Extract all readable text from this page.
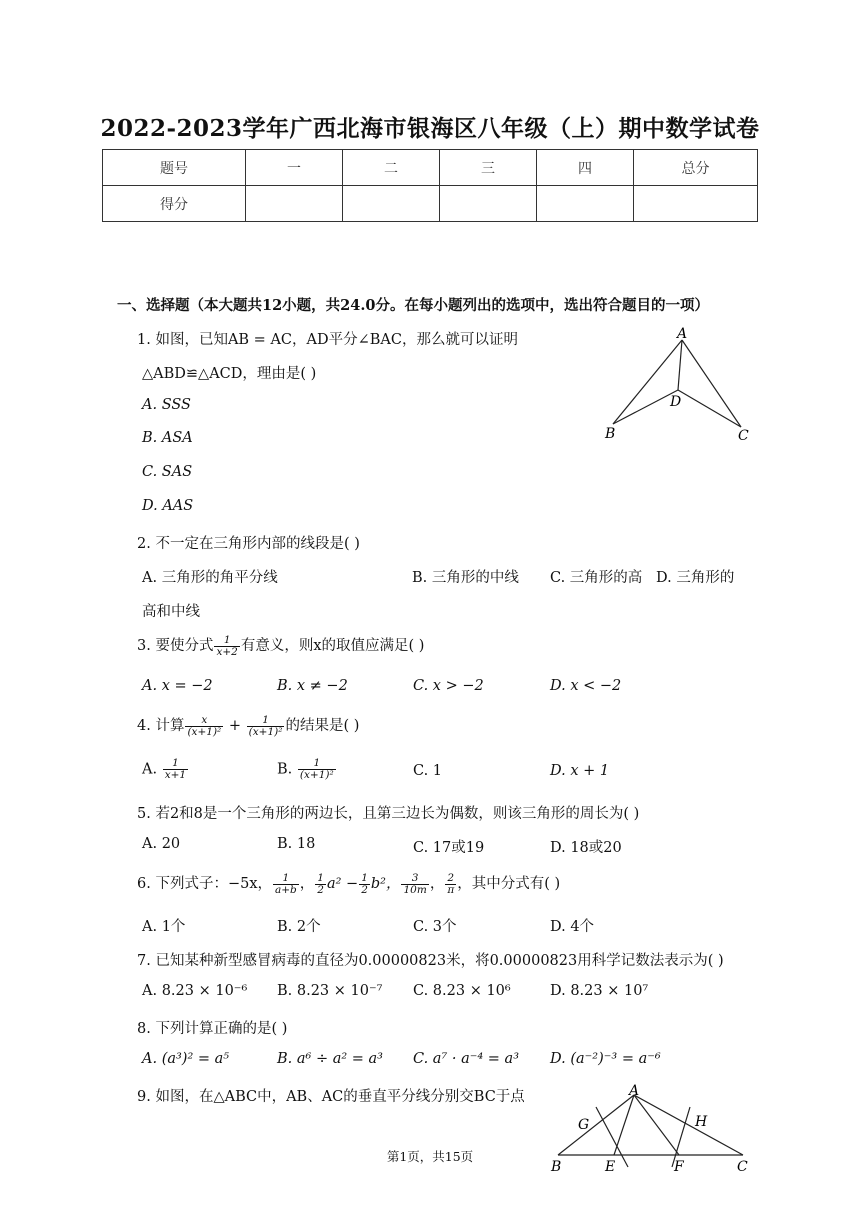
2022-2023学年广西北海市银海区八年级（上）期中数学试卷
题号	一	二	三	四	总分
得分					
一、选择题（本大题共12小题，共24.0分。在每小题列出的选项中，选出符合题目的一项）
1. 如图，已知AB = AC，AD平分∠BAC，那么就可以证明
△ABD≌△ACD，理由是( )
A. SSS
B. ASA
C. SAS
D. AAS
A
D
B	C
2. 不一定在三角形内部的线段是( )
A. 三角形的角平分线	B. 三角形的中线 C. 三角形的高 D. 三角形的
高和中线
3. 要使分式 $\frac{1}{x+2}$ 有意义，则x的取值应满足( )
A. x = −2	B. x ≠ −2	C. x > −2	D. x < −2
4. 计算 $\frac{x}{\text{(x+1)²}} + \frac{1}{\text{(x+1)²}}$ 的结果是( )
A. $\frac{1}{x+1}$	B. $\frac{1}{\text{(x+1)²}}$	C. 1	D. x + 1
5. 若2和8是一个三角形的两边长，且第三边长为偶数，则该三角形的周长为( )
A. 20	B. 18	C. 17或19	D. 18或20
6. 下列式子：−5x， $\frac{1}{a+b}$ ， $\frac{1}{2} a^2 - \frac{1}{2} b^2$， $\frac{3}{10m}$ ， $\frac{2}{\pi}$ ，其中分式有( )
A. 1个	B. 2个	C. 3个	D. 4个
7. 已知某种新型感冒病毒的直径为0.00000823米，将0.00000823用科学记数法表示为( )
A. 8.23 × 10⁻⁶ B. 8.23 × 10⁻⁷ C. 8.23 × 10⁶	D. 8.23 × 10⁷
8. 下列计算正确的是( )
A. (a³)² = a⁵	B. a⁶ ÷ a² = a³ C. a⁷ · a⁻⁴ = a³ D. (a⁻²)⁻³ = a⁻⁶
9. 如图，在△ABC中，AB、AC的垂直平分线分别交BC于点	A
G	H
B	E	F	C
第1页，共15页
